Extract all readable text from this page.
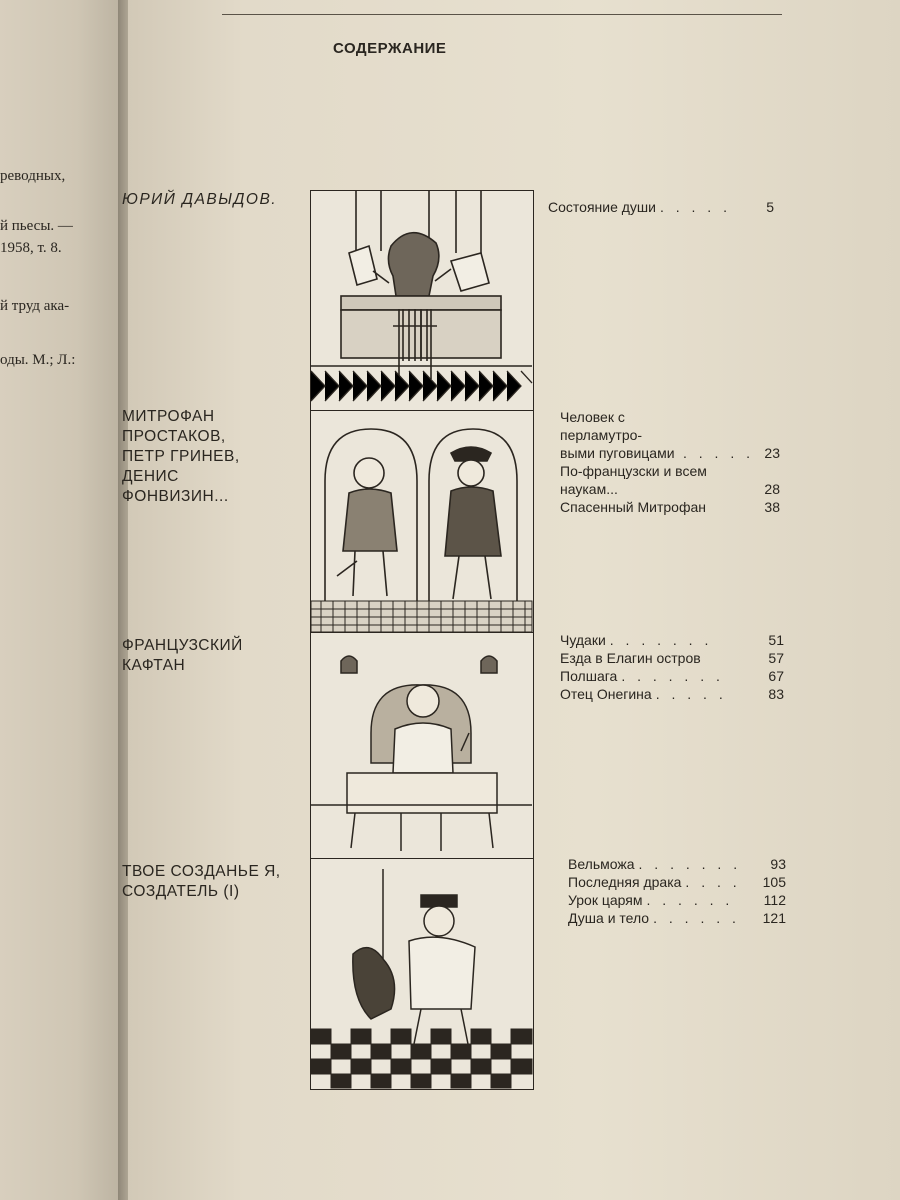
реводных,
й пьесы. —
1958, т. 8.
й труд ака-
оды. М.; Л.:
СОДЕРЖАНИЕ
ЮРИЙ ДАВЫДОВ.
МИТРОФАН
ПРОСТАКОВ,
ПЕТР ГРИНЕВ,
ДЕНИС
ФОНВИЗИН...
ФРАНЦУЗСКИЙ
КАФТАН
ТВОЕ СОЗДАНЬЕ Я,
СОЗДАТЕЛЬ (I)
Состояние души . . . . .	5
Человек с перламутро-
выми пуговицами . . . . . 23
По-французски и всем
наукам...	28
Спасенный Митрофан	38
Чудаки . . . . . . .	51
Езда в Елагин остров	57
Полшага . . . . . . .	67
Отец Онегина . . . . .	83
Вельможа . . . . . . .	93
Последняя драка . . . .	105
Урок царям . . . . . .	112
Душа и тело . . . . . .	121
